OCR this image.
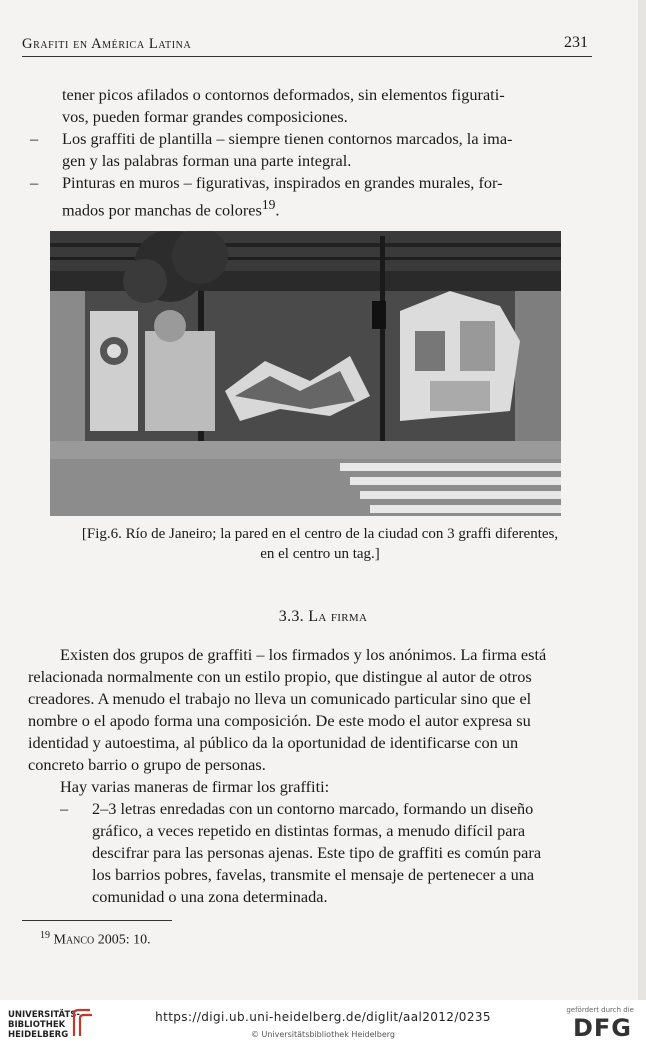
Grafiti en América Latina	231
tener picos afilados o contornos deformados, sin elementos figurati-
vos, pueden formar grandes composiciones.
– Los graffiti de plantilla – siempre tienen contornos marcados, la ima-
gen y las palabras forman una parte integral.
– Pinturas en muros – figurativas, inspirados en grandes murales, for-
mados por manchas de colores$^{19}$.
[Fig.6. Río de Janeiro; la pared en el centro de la ciudad con 3 graffi diferentes,
en el centro un tag.]
3.3. La firma
Existen dos grupos de graffiti – los firmados y los anónimos. La firma está
relacionada normalmente con un estilo propio, que distingue al autor de otros
creadores. A menudo el trabajo no lleva un comunicado particular sino que el
nombre o el apodo forma una composición. De este modo el autor expresa su
identidad y autoestima, al público da la oportunidad de identificarse con un
concreto barrio o grupo de personas.
Hay varias maneras de firmar los graffiti:
– 2–3 letras enredadas con un contorno marcado, formando un diseño
gráfico, a veces repetido en distintas formas, a menudo difícil para
descifrar para las personas ajenas. Este tipo de graffiti es común para
los barrios pobres, favelas, transmite el mensaje de pertenecer a una
comunidad o una zona determinada.
$^{19}$ Manco 2005: 10.
UNIVERSITÄTS-
BIBLIOTHEK
HEIDELBERG
https://digi.ub.uni-heidelberg.de/diglit/aal2012/0235
© Universitätsbibliothek Heidelberg
gefördert durch die
DFG
